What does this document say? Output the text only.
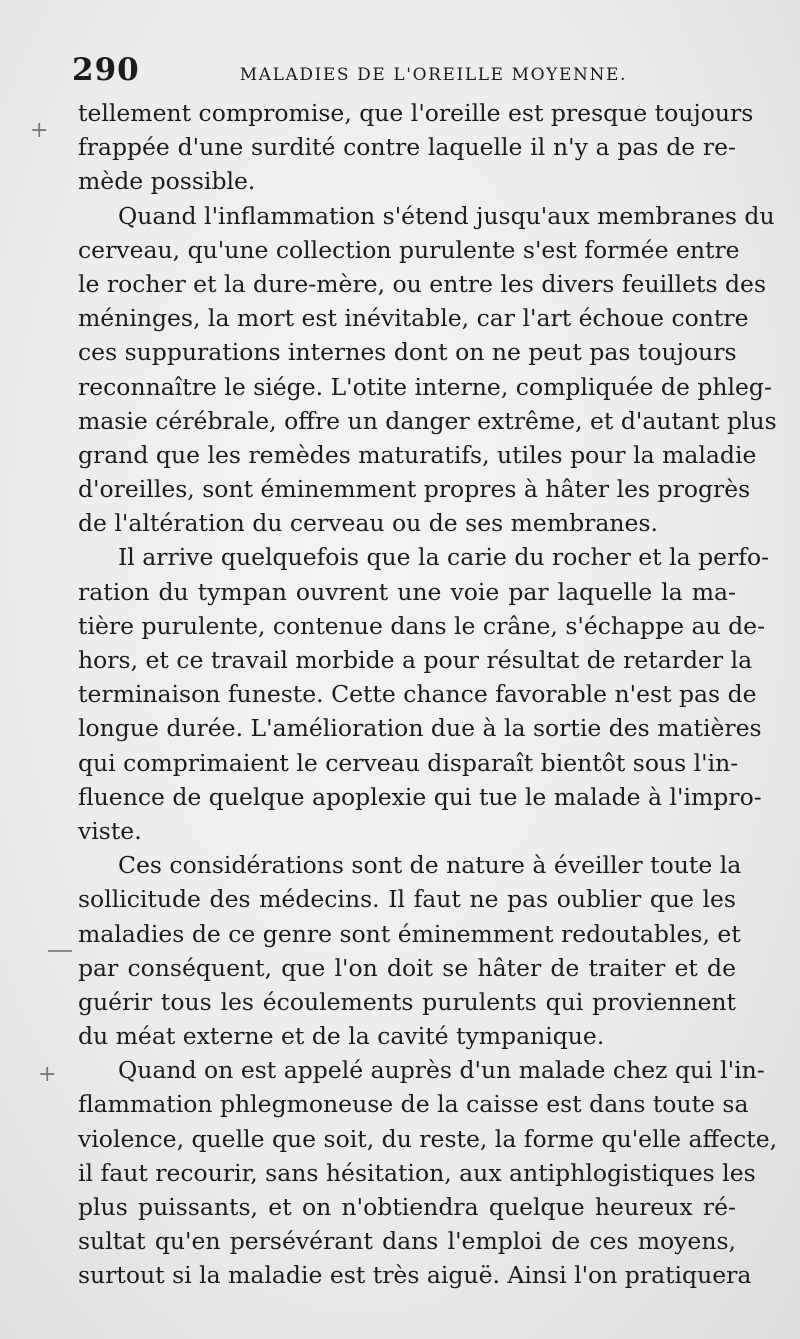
290	MALADIES DE L'OREILLE MOYENNE.
+
+
tellement compromise, que l'oreille est presque toujours
frappée d'une surdité contre laquelle il n'y a pas de re-
mède possible.
Quand l'inflammation s'étend jusqu'aux membranes du
cerveau, qu'une collection purulente s'est formée entre
le rocher et la dure-mère, ou entre les divers feuillets des
méninges, la mort est inévitable, car l'art échoue contre
ces suppurations internes dont on ne peut pas toujours
reconnaître le siége. L'otite interne, compliquée de phleg-
masie cérébrale, offre un danger extrême, et d'autant plus
grand que les remèdes maturatifs, utiles pour la maladie
d'oreilles, sont éminemment propres à hâter les progrès
de l'altération du cerveau ou de ses membranes.
Il arrive quelquefois que la carie du rocher et la perfo-
ration du tympan ouvrent une voie par laquelle la ma-
tière purulente, contenue dans le crâne, s'échappe au de-
hors, et ce travail morbide a pour résultat de retarder la
terminaison funeste. Cette chance favorable n'est pas de
longue durée. L'amélioration due à la sortie des matières
qui comprimaient le cerveau disparaît bientôt sous l'in-
fluence de quelque apoplexie qui tue le malade à l'impro-
viste.
Ces considérations sont de nature à éveiller toute la
sollicitude des médecins. Il faut ne pas oublier que les
maladies de ce genre sont éminemment redoutables, et
par conséquent, que l'on doit se hâter de traiter et de
guérir tous les écoulements purulents qui proviennent
du méat externe et de la cavité tympanique.
Quand on est appelé auprès d'un malade chez qui l'in-
flammation phlegmoneuse de la caisse est dans toute sa
violence, quelle que soit, du reste, la forme qu'elle affecte,
il faut recourir, sans hésitation, aux antiphlogistiques les
plus puissants, et on n'obtiendra quelque heureux ré-
sultat qu'en persévérant dans l'emploi de ces moyens,
surtout si la maladie est très aiguë. Ainsi l'on pratiquera
